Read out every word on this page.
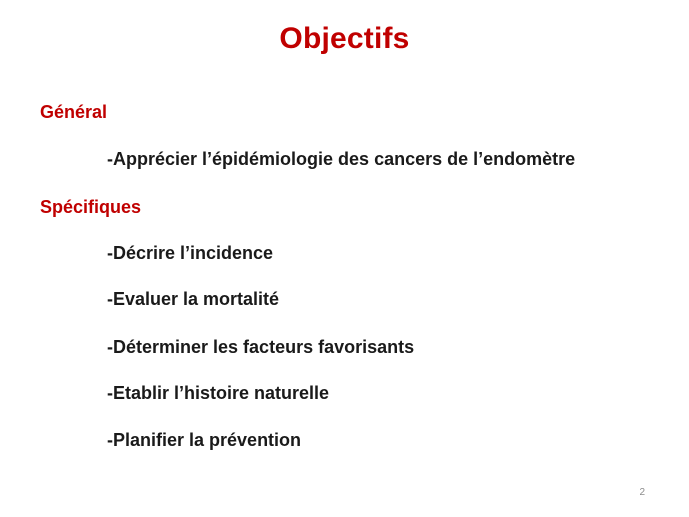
Objectifs
Général
-Apprécier l’épidémiologie des cancers de l’endomètre
Spécifiques
-Décrire l’incidence
-Evaluer la mortalité
-Déterminer les facteurs favorisants
-Etablir l’histoire naturelle
-Planifier la prévention
2
